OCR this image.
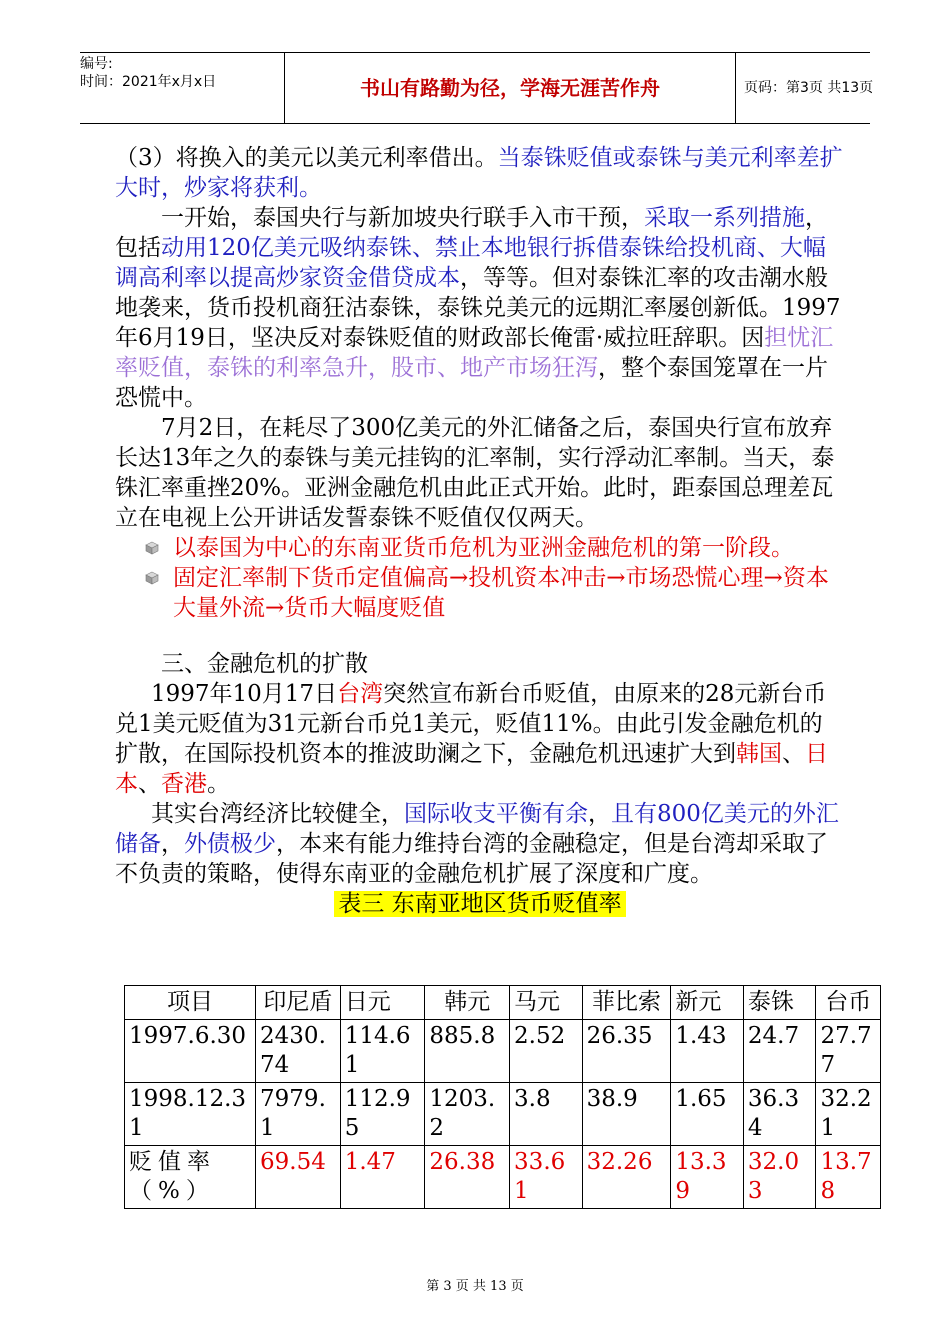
编号:
时间：2021年x月x日	书山有路勤为径，学海无涯苦作舟	页码：第3页 共13页

（3）将换入的美元以美元利率借出。当泰铢贬值或泰铢与美元利率差扩大时，炒家将获利。

一开始，泰国央行与新加坡央行联手入市干预，采取一系列措施，包括动用120亿美元吸纳泰铢、禁止本地银行拆借泰铢给投机商、大幅调高利率以提高炒家资金借贷成本，等等。但对泰铢汇率的攻击潮水般地袭来，货币投机商狂沽泰铢，泰铢兑美元的远期汇率屡创新低。1997年6月19日，坚决反对泰铢贬值的财政部长俺雷·威拉旺辞职。因担忧汇率贬值，泰铢的利率急升，股市、地产市场狂泻，整个泰国笼罩在一片恐慌中。

7月2日，在耗尽了300亿美元的外汇储备之后，泰国央行宣布放弃长达13年之久的泰铢与美元挂钩的汇率制，实行浮动汇率制。当天，泰铢汇率重挫20%。亚洲金融危机由此正式开始。此时，距泰国总理差瓦立在电视上公开讲话发誓泰铢不贬值仅仅两天。

以泰国为中心的东南亚货币危机为亚洲金融危机的第一阶段。

固定汇率制下货币定值偏高→投机资本冲击→市场恐慌心理→资本大量外流→货币大幅度贬值

三、金融危机的扩散

1997年10月17日台湾突然宣布新台币贬值，由原来的28元新台币兑1美元贬值为31元新台币兑1美元，贬值11%。由此引发金融危机的扩散，在国际投机资本的推波助澜之下，金融危机迅速扩大到韩国、日本、香港。

其实台湾经济比较健全，国际收支平衡有余，且有800亿美元的外汇储备，外债极少，本来有能力维持台湾的金融稳定，但是台湾却采取了不负责的策略，使得东南亚的金融危机扩展了深度和广度。

表三 东南亚地区货币贬值率

项目	印尼盾	日元	韩元	马元	菲比索	新元	泰铢	台币
1997.6.30	2430.74	114.61	885.8	2.52	26.35	1.43	24.7	27.77
1998.12.31	7979.1	112.95	1203.2	3.8	38.9	1.65	36.34	32.21
贬值率（%）	69.54	1.47	26.38	33.61	32.26	13.39	32.03	13.78
第 3 页 共 13 页
